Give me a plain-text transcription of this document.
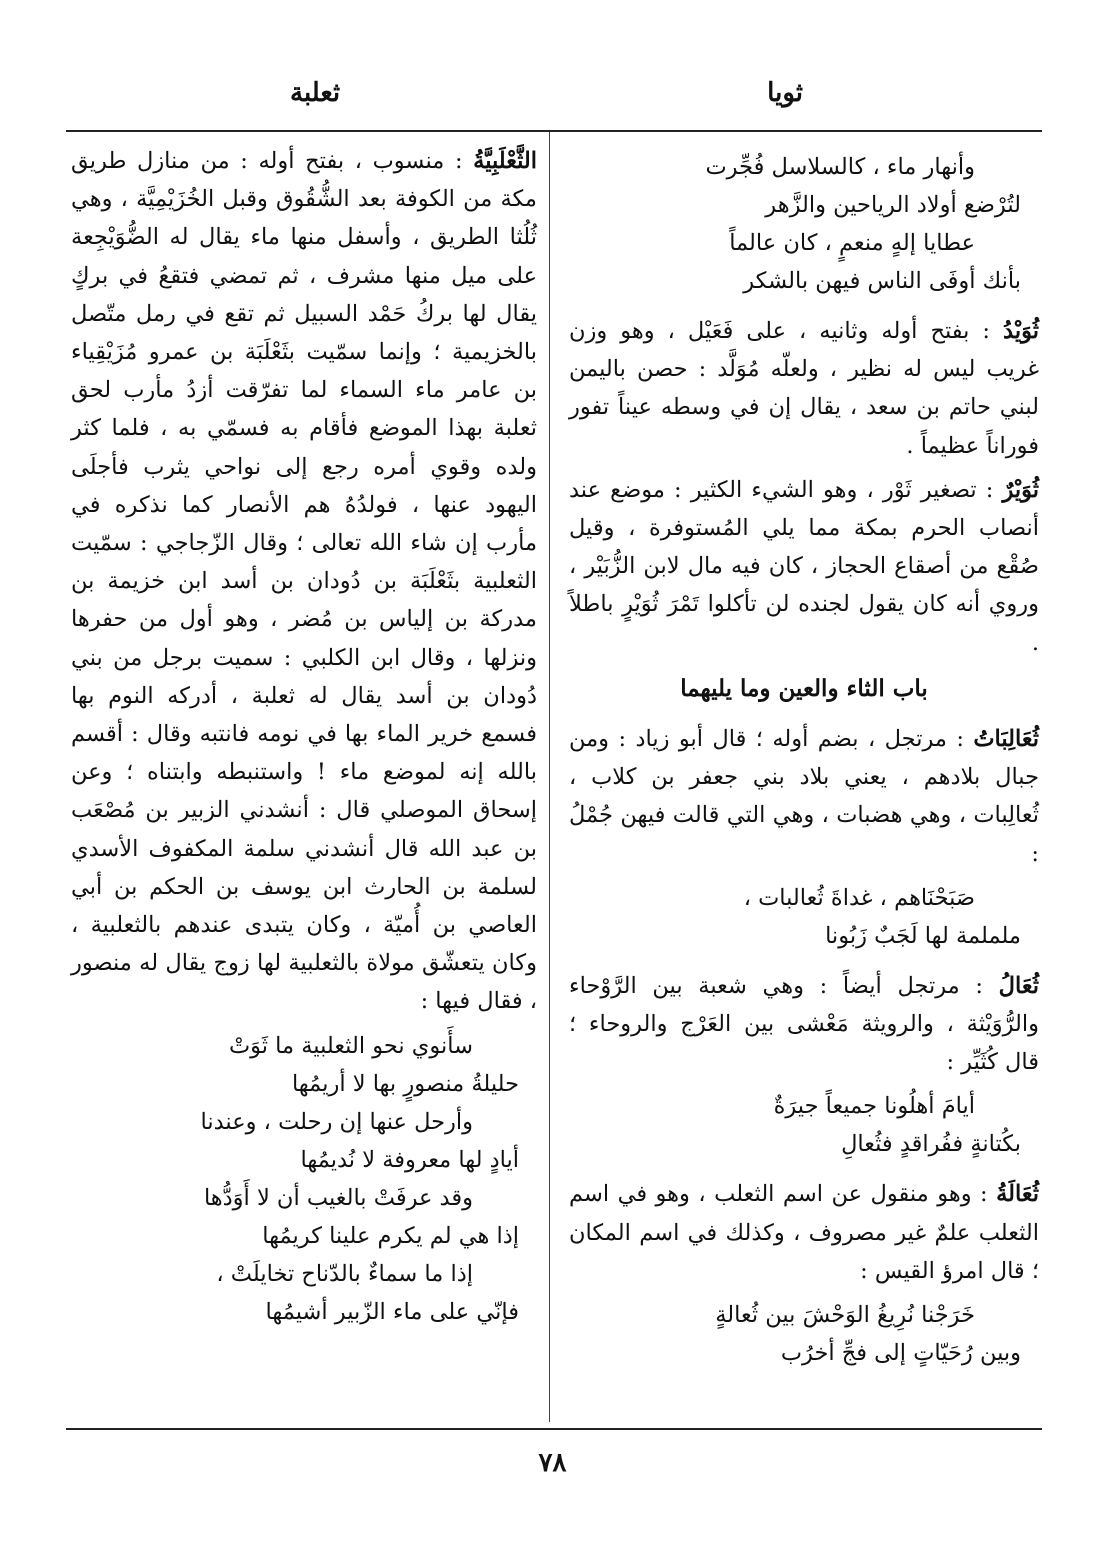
ثويا
ثعلبة
وأنهار ماء ، كالسلاسل فُجِّرت
لتُرْضع أولاد الرياحين والزَّهر
عطايا إلهٍ منعمٍ ، كان عالماً
بأنك أوفَى الناس فيهن بالشكر

ثُوَيْدُ : بفتح أوله وثانيه ، على فَعَيْل ، وهو وزن غريب ليس له نظير ، ولعلّه مُوَلَّد : حصن باليمن لبني حاتم بن سعد ، يقال إن في وسطه عيناً تفور فوراناً عظيماً .

ثُوَيْرٌ : تصغير ثَوْر ، وهو الشيء الكثير : موضع عند أنصاب الحرم بمكة مما يلي المُستوفرة ، وقيل صُقْع من أصقاع الحجاز ، كان فيه مال لابن الزُّبَيْر ، وروي أنه كان يقول لجنده لن تأكلوا تَمْرَ ثُوَيْرٍ باطلاً .

باب الثاء والعين وما يليهما

ثُعَالِبَاتُ : مرتجل ، بضم أوله ؛ قال أبو زياد : ومن جبال بلادهم ، يعني بلاد بني جعفر بن كلاب ، ثُعالِبات ، وهي هضبات ، وهي التي قالت فيهن جُمْلُ :

صَبَحْنَاهم ، غداةَ ثُعالبات ،
ململمة لها لَجَبٌ زَبُونا

ثُعَالُ : مرتجل أيضاً : وهي شعبة بين الرَّوْحاء والرُّوَيْثة ، والرويثة مَعْشى بين العَرْج والروحاء ؛ قال كُثَيِّر :

أيامَ أهلُونا جميعاً جيرَةٌ
بكُتانةٍ ففُراقدٍ فثُعالِ

ثُعَالَةُ : وهو منقول عن اسم الثعلب ، وهو في اسم الثعلب علمٌ غير مصروف ، وكذلك في اسم المكان ؛ قال امرؤ القيس :

خَرَجْنا نُرِيغُ الوَحْشَ بين ثُعالةٍ
وبين رُحَيّاتٍ إلى فجِّ أخرُب

الثَّعْلَبِيَّةُ : منسوب ، بفتح أوله : من منازل طريق مكة من الكوفة بعد الشُّقُوق وقبل الخُزَيْمِيَّة ، وهي ثُلُثا الطريق ، وأسفل منها ماء يقال له الضُّوَيْجِعة على ميل منها مشرف ، ثم تمضي فتقعُ في بركٍ يقال لها بركُ حَمْد السبيل ثم تقع في رمل متّصل بالخزيمية ؛ وإنما سمّيت بثَعْلَبَة بن عمرو مُزَيْقِياء بن عامر ماء السماء لما تفرّقت أزدُ مأرب لحق ثعلبة بهذا الموضع فأقام به فسمّي به ، فلما كثر ولده وقوي أمره رجع إلى نواحي يثرب فأجلَى اليهود عنها ، فولدُهُ هم الأنصار كما نذكره في مأرب إن شاء الله تعالى ؛ وقال الزّجاجي : سمّيت الثعلبية بثَعْلَبَة بن دُودان بن أسد ابن خزيمة بن مدركة بن إلياس بن مُضر ، وهو أول من حفرها ونزلها ، وقال ابن الكلبي : سميت برجل من بني دُودان بن أسد يقال له ثعلبة ، أدركه النوم بها فسمع خرير الماء بها في نومه فانتبه وقال : أقسم بالله إنه لموضع ماء ! واستنبطه وابتناه ؛ وعن إسحاق الموصلي قال : أنشدني الزبير بن مُصْعَب بن عبد الله قال أنشدني سلمة المكفوف الأسدي لسلمة بن الحارث ابن يوسف بن الحكم بن أبي العاصي بن أُميّة ، وكان يتبدى عندهم بالثعلبية ، وكان يتعشّق مولاة بالثعلبية لها زوج يقال له منصور ، فقال فيها :

سأَنوي نحو الثعلبية ما ثَوَتْ
حليلةُ منصورٍ بها لا أريمُها
وأرحل عنها إن رحلت ، وعندنا
أيادٍ لها معروفة لا نُديمُها
وقد عرفَتْ بالغيب أن لا أَوَدُّها
إذا هي لم يكرم علينا كريمُها
إذا ما سماءٌ بالدّناح تخايلَتْ ،
فإنّي على ماء الزّبير أشيمُها
٧٨
